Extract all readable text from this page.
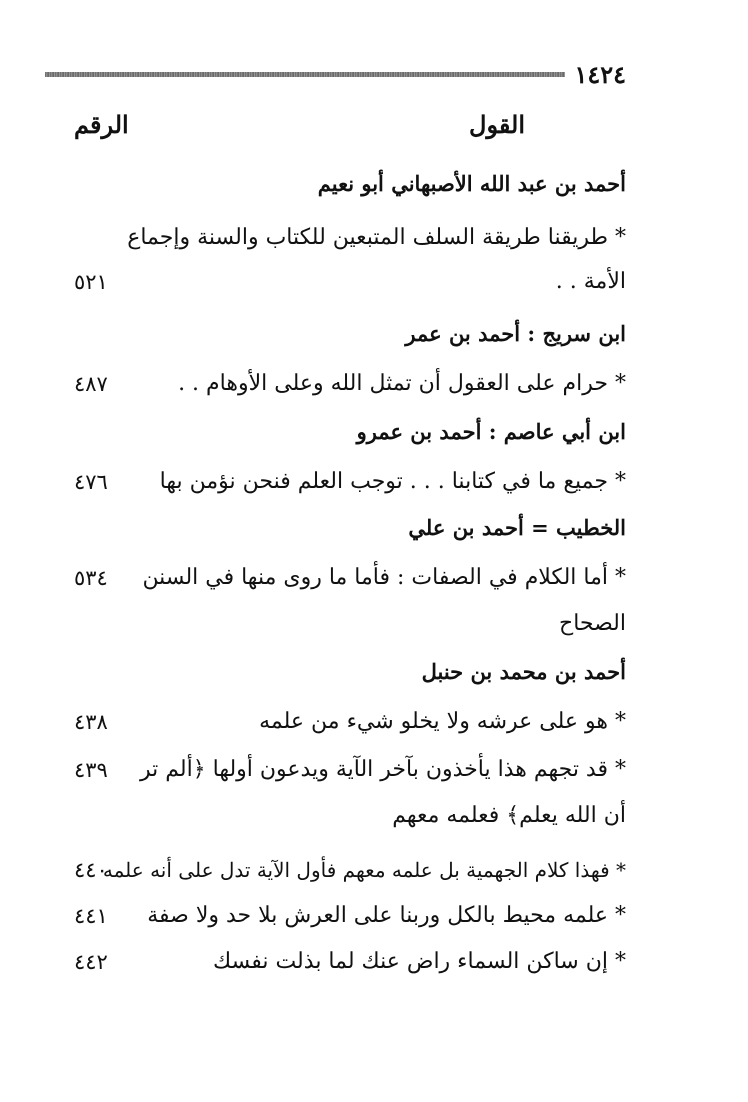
١٤٢٤
القول
الرقم
أحمد بن عبد الله الأصبهاني أبو نعيم
* طريقنا طريقة السلف المتبعين للكتاب والسنة وإجماع
الأمة . .
٥٢١
ابن سريج : أحمد بن عمر
* حرام على العقول أن تمثل الله وعلى الأوهام . .
٤٨٧
ابن أبي عاصم : أحمد بن عمرو
* جميع ما في كتابنا . . . توجب العلم فنحن نؤمن بها
٤٧٦
الخطيب = أحمد بن علي
* أما الكلام في الصفات : فأما ما روى منها في السنن
٥٣٤
الصحاح
أحمد بن محمد بن حنبل
* هو على عرشه ولا يخلو شيء من علمه
٤٣٨
* قد تجهم هذا يأخذون بآخر الآية ويدعون أولها ﴿ألم تر
٤٣٩
أن الله يعلم﴾ فعلمه معهم
* فهذا كلام الجهمية بل علمه معهم فأول الآية تدل على أنه علمه
٤٤٠
* علمه محيط بالكل وربنا على العرش بلا حد ولا صفة
٤٤١
* إن ساكن السماء راض عنك لما بذلت نفسك
٤٤٢
